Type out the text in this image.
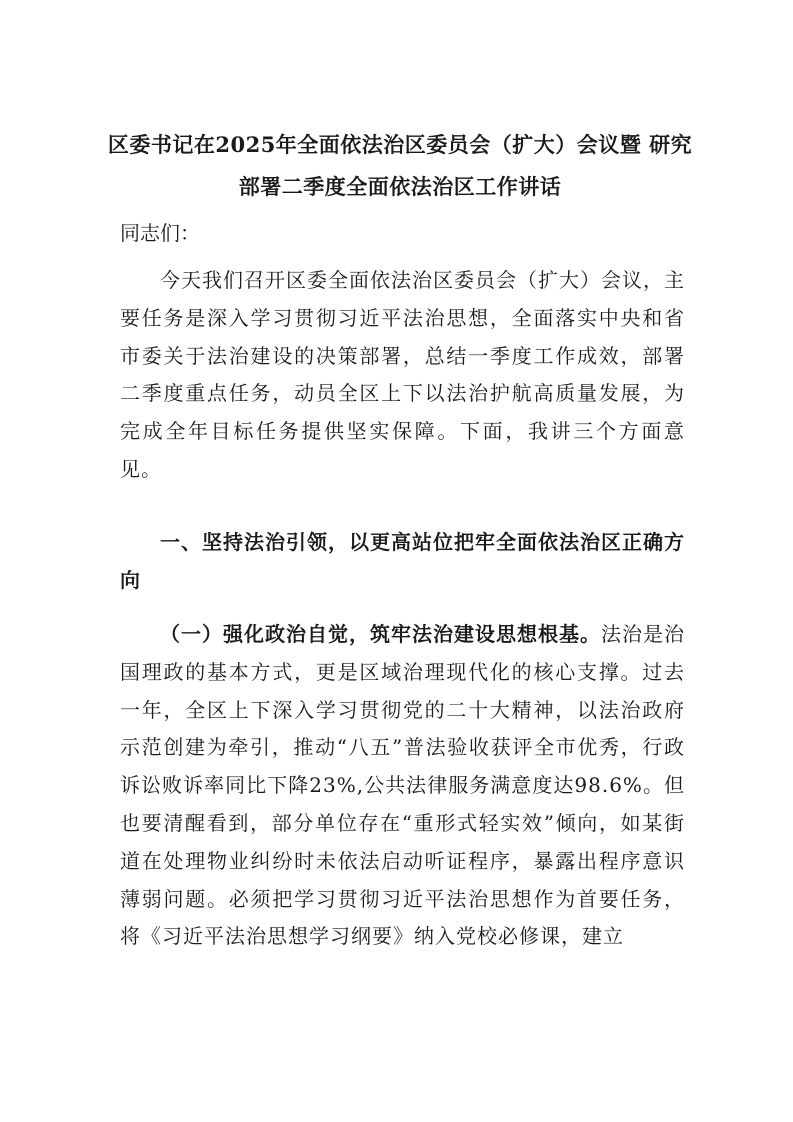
区委书记在2025年全面依法治区委员会（扩大）会议暨 研究部署二季度全面依法治区工作讲话
同志们：
今天我们召开区委全面依法治区委员会（扩大）会议，主要任务是深入学习贯彻习近平法治思想，全面落实中央和省市委关于法治建设的决策部署，总结一季度工作成效，部署二季度重点任务，动员全区上下以法治护航高质量发展，为完成全年目标任务提供坚实保障。下面，我讲三个方面意见。
一、坚持法治引领，以更高站位把牢全面依法治区正确方向
（一）强化政治自觉，筑牢法治建设思想根基。法治是治国理政的基本方式，更是区域治理现代化的核心支撑。过去一年，全区上下深入学习贯彻党的二十大精神，以法治政府示范创建为牵引，推动“八五”普法验收获评全市优秀，行政诉讼败诉率同比下降23%,公共法律服务满意度达98.6%。但也要清醒看到，部分单位存在“重形式轻实效”倾向，如某街道在处理物业纠纷时未依法启动听证程序，暴露出程序意识薄弱问题。必须把学习贯彻习近平法治思想作为首要任务，将《习近平法治思想学习纲要》纳入党校必修课，建立
